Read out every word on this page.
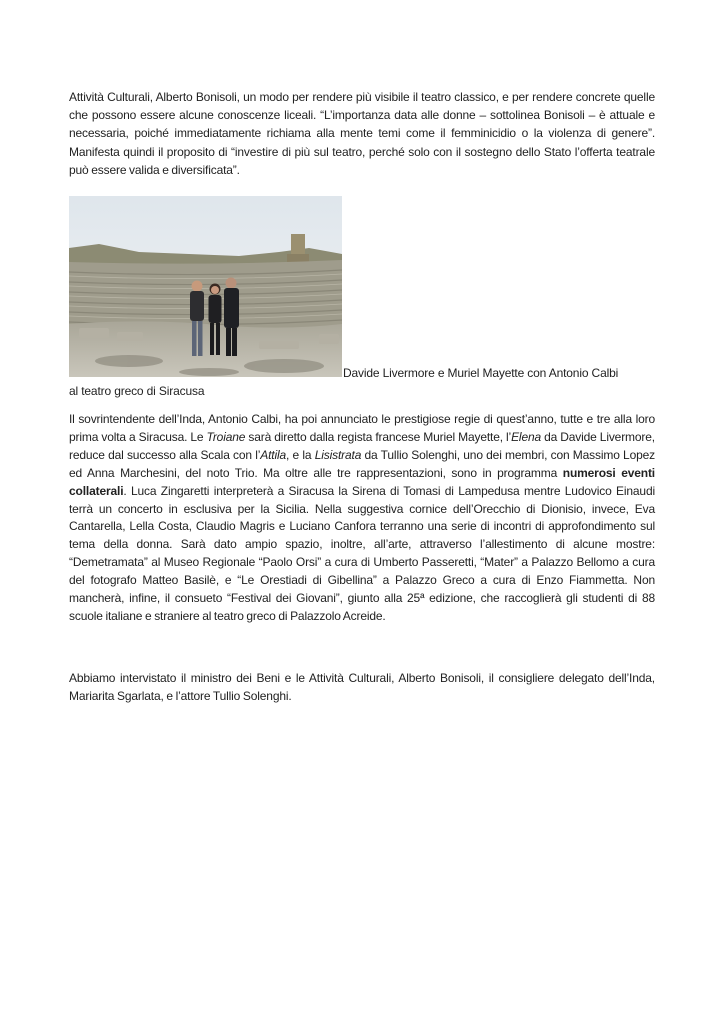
Attività Culturali, Alberto Bonisoli, un modo per rendere più visibile il teatro classico, e per rendere concrete quelle che possono essere alcune conoscenze liceali. “L’importanza data alle donne – sottolinea Bonisoli – è attuale e necessaria, poiché immediatamente richiama alla mente temi come il femminicidio o la violenza di genere”. Manifesta quindi il proposito di “investire di più sul teatro, perché solo con il sostegno dello Stato l’offerta teatrale può essere valida e diversificata”.

Davide Livermore e Muriel Mayette con Antonio Calbi
al teatro greco di Siracusa

Il sovrintendente dell’Inda, Antonio Calbi, ha poi annunciato le prestigiose regie di quest’anno, tutte e tre alla loro prima volta a Siracusa. Le Troiane sarà diretto dalla regista francese Muriel Mayette, l’Elena da Davide Livermore, reduce dal successo alla Scala con l’Attila, e la Lisistrata da Tullio Solenghi, uno dei membri, con Massimo Lopez ed Anna Marchesini, del noto Trio. Ma oltre alle tre rappresentazioni, sono in programma numerosi eventi collaterali. Luca Zingaretti interpreterà a Siracusa la Sirena di Tomasi di Lampedusa mentre Ludovico Einaudi terrà un concerto in esclusiva per la Sicilia. Nella suggestiva cornice dell’Orecchio di Dionisio, invece, Eva Cantarella, Lella Costa, Claudio Magris e Luciano Canfora terranno una serie di incontri di approfondimento sul tema della donna. Sarà dato ampio spazio, inoltre, all’arte, attraverso l’allestimento di alcune mostre: “Demetramata” al Museo Regionale “Paolo Orsi” a cura di Umberto Passeretti, “Mater” a Palazzo Bellomo a cura del fotografo Matteo Basilè, e “Le Orestiadi di Gibellina” a Palazzo Greco a cura di Enzo Fiammetta. Non mancherà, infine, il consueto “Festival dei Giovani”, giunto alla 25ª edizione, che raccoglierà gli studenti di 88 scuole italiane e straniere al teatro greco di Palazzolo Acreide.

Abbiamo intervistato il ministro dei Beni e le Attività Culturali, Alberto Bonisoli, il consigliere delegato dell’Inda, Mariarita Sgarlata, e l’attore Tullio Solenghi.
